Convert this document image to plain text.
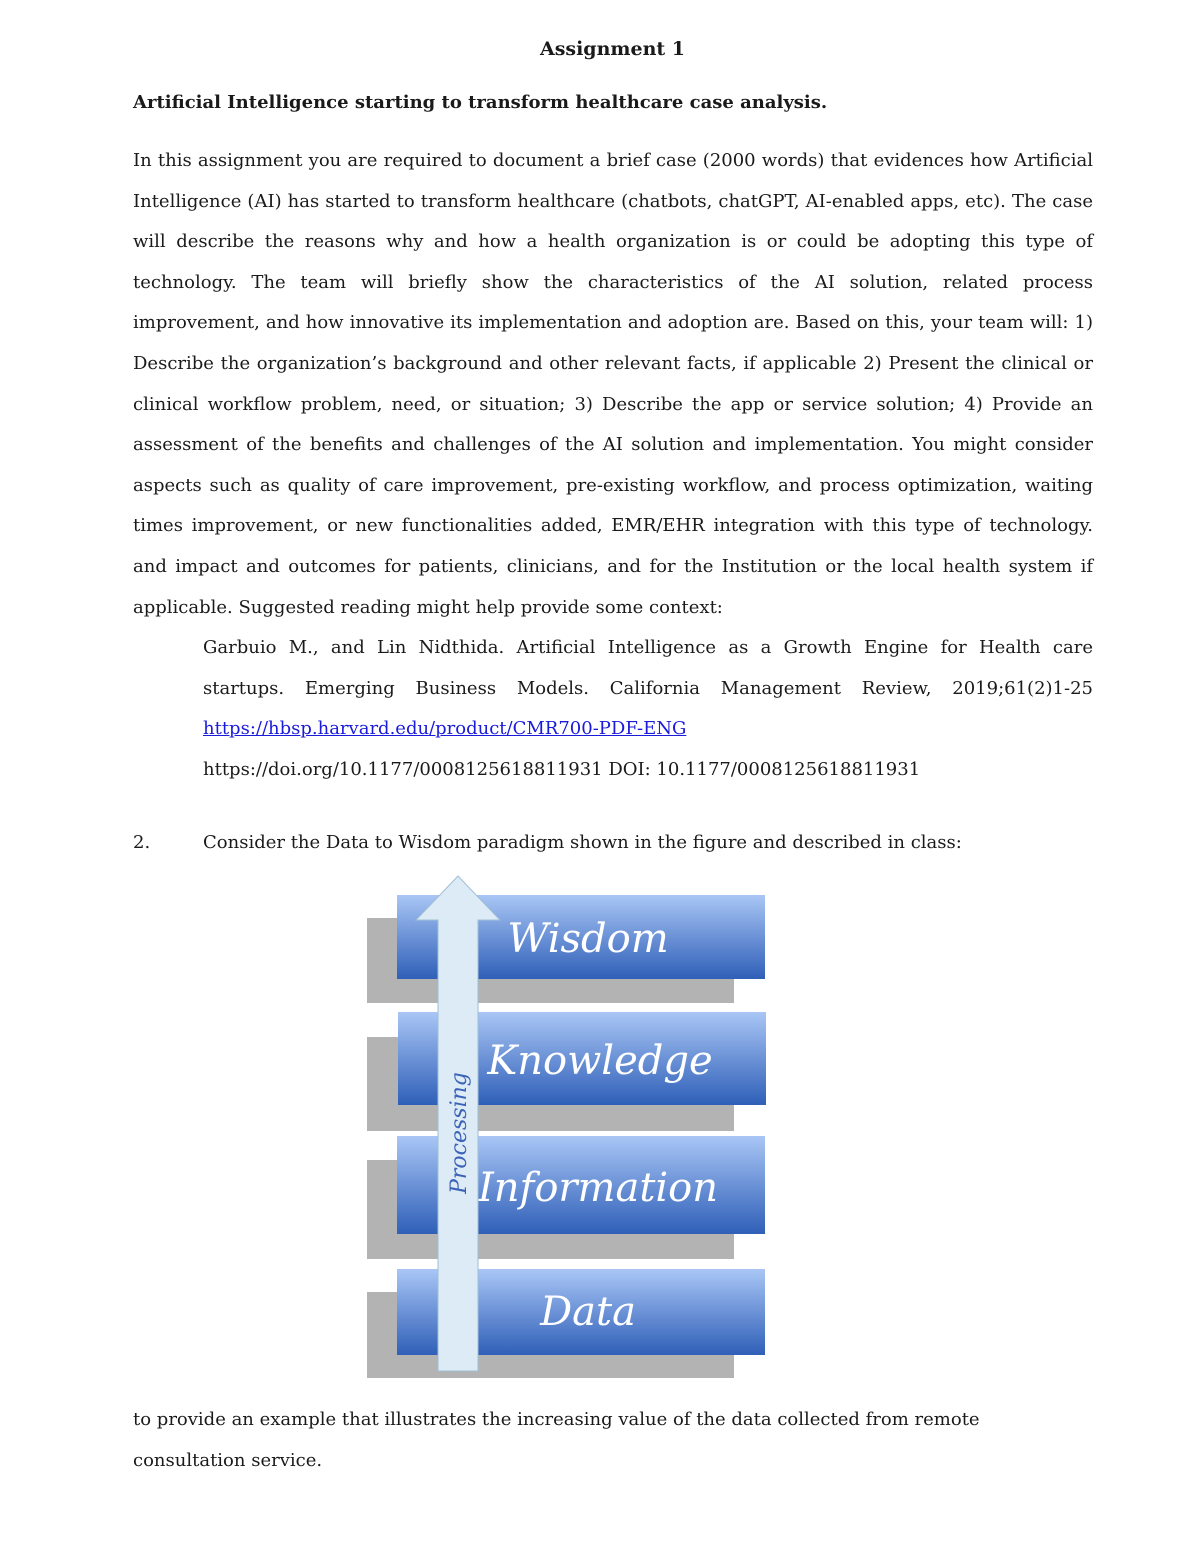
Assignment 1

Artificial Intelligence starting to transform healthcare case analysis.

In this assignment you are required to document a brief case (2000 words) that evidences how Artificial Intelligence (AI) has started to transform healthcare (chatbots, chatGPT, AI-enabled apps, etc). The case will describe the reasons why and how a health organization is or could be adopting this type of technology. The team will briefly show the characteristics of the AI solution, related process improvement, and how innovative its implementation and adoption are. Based on this, your team will: 1) Describe the organization’s background and other relevant facts, if applicable 2) Present the clinical or clinical workflow problem, need, or situation; 3) Describe the app or service solution; 4) Provide an assessment of the benefits and challenges of the AI solution and implementation. You might consider aspects such as quality of care improvement, pre-existing workflow, and process optimization, waiting times improvement, or new functionalities added, EMR/EHR integration with this type of technology. and impact and outcomes for patients, clinicians, and for the Institution or the local health system if applicable. Suggested reading might help provide some context:

Garbuio M., and Lin Nidthida. Artificial Intelligence as a Growth Engine for Health care startups. Emerging Business Models. California Management Review, 2019;61(2)1-25 https://hbsp.harvard.edu/product/CMR700-PDF-ENG
https://doi.org/10.1177/0008125618811931 DOI: 10.1177/0008125618811931

2.	Consider the Data to Wisdom paradigm shown in the figure and described in class:

Wisdom
Knowledge
Information
Data
Processing

to provide an example that illustrates the increasing value of the data collected from remote consultation service.
